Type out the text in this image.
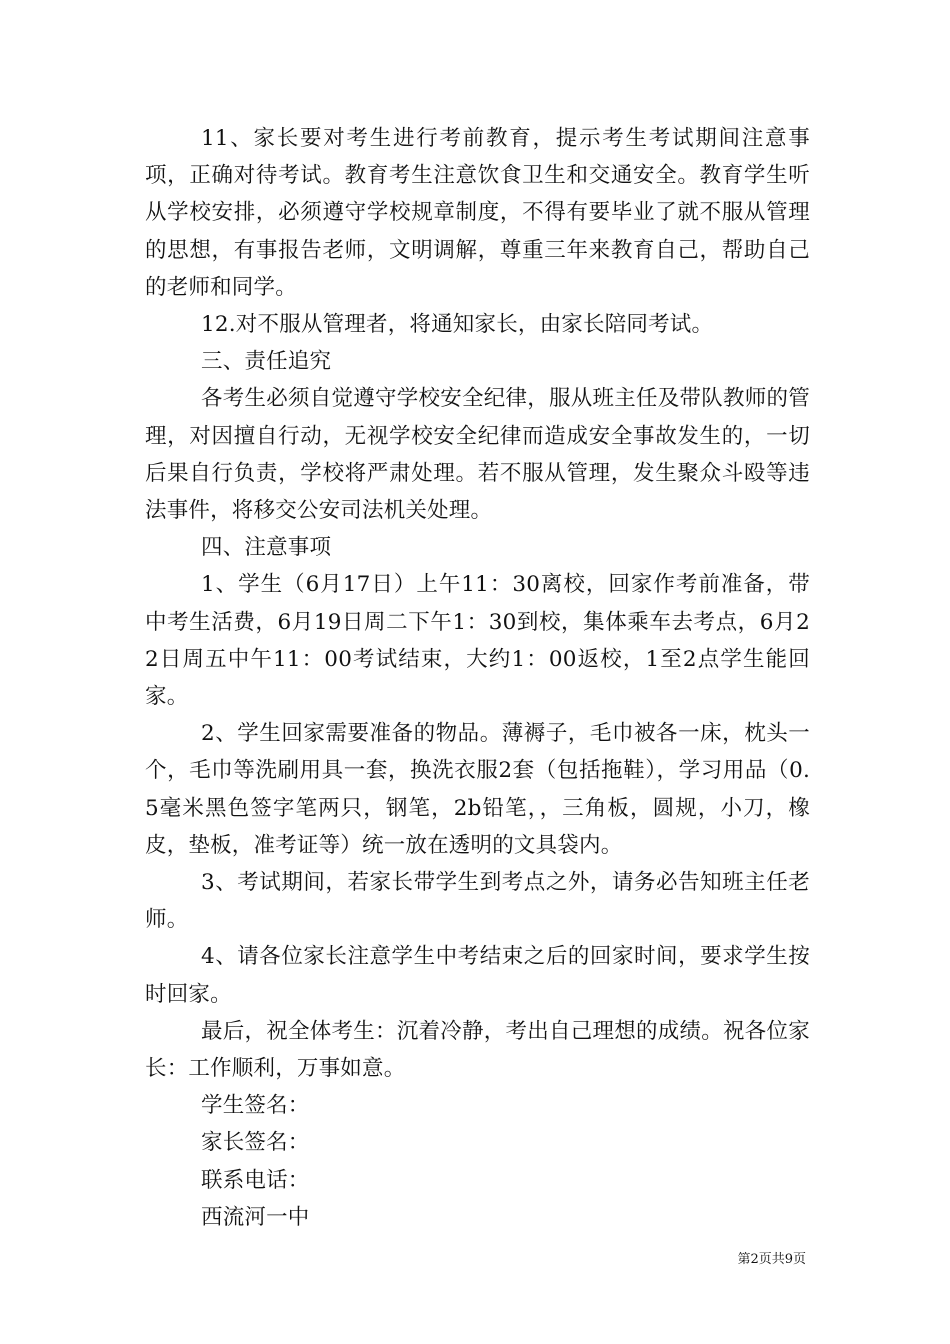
11、家长要对考生进行考前教育，提示考生考试期间注意事项，正确对待考试。教育考生注意饮食卫生和交通安全。教育学生听从学校安排，必须遵守学校规章制度，不得有要毕业了就不服从管理的思想，有事报告老师，文明调解，尊重三年来教育自己，帮助自己的老师和同学。

12.对不服从管理者，将通知家长，由家长陪同考试。

三、责任追究

各考生必须自觉遵守学校安全纪律，服从班主任及带队教师的管理，对因擅自行动，无视学校安全纪律而造成安全事故发生的，一切后果自行负责，学校将严肃处理。若不服从管理，发生聚众斗殴等违法事件，将移交公安司法机关处理。

四、注意事项

1、学生（6月17日）上午11：30离校，回家作考前准备，带中考生活费，6月19日周二下午1：30到校，集体乘车去考点，6月22日周五中午11：00考试结束，大约1：00返校，1至2点学生能回家。

2、学生回家需要准备的物品。薄褥子，毛巾被各一床，枕头一个，毛巾等洗刷用具一套，换洗衣服2套（包括拖鞋），学习用品（0.5毫米黑色签字笔两只，钢笔，2b铅笔，，三角板，圆规，小刀，橡皮，垫板，准考证等）统一放在透明的文具袋内。

3、考试期间，若家长带学生到考点之外，请务必告知班主任老师。

4、请各位家长注意学生中考结束之后的回家时间，要求学生按时回家。

最后，祝全体考生：沉着冷静，考出自己理想的成绩。祝各位家长：工作顺利，万事如意。

学生签名：

家长签名：

联系电话：

西流河一中

第2页共9页
